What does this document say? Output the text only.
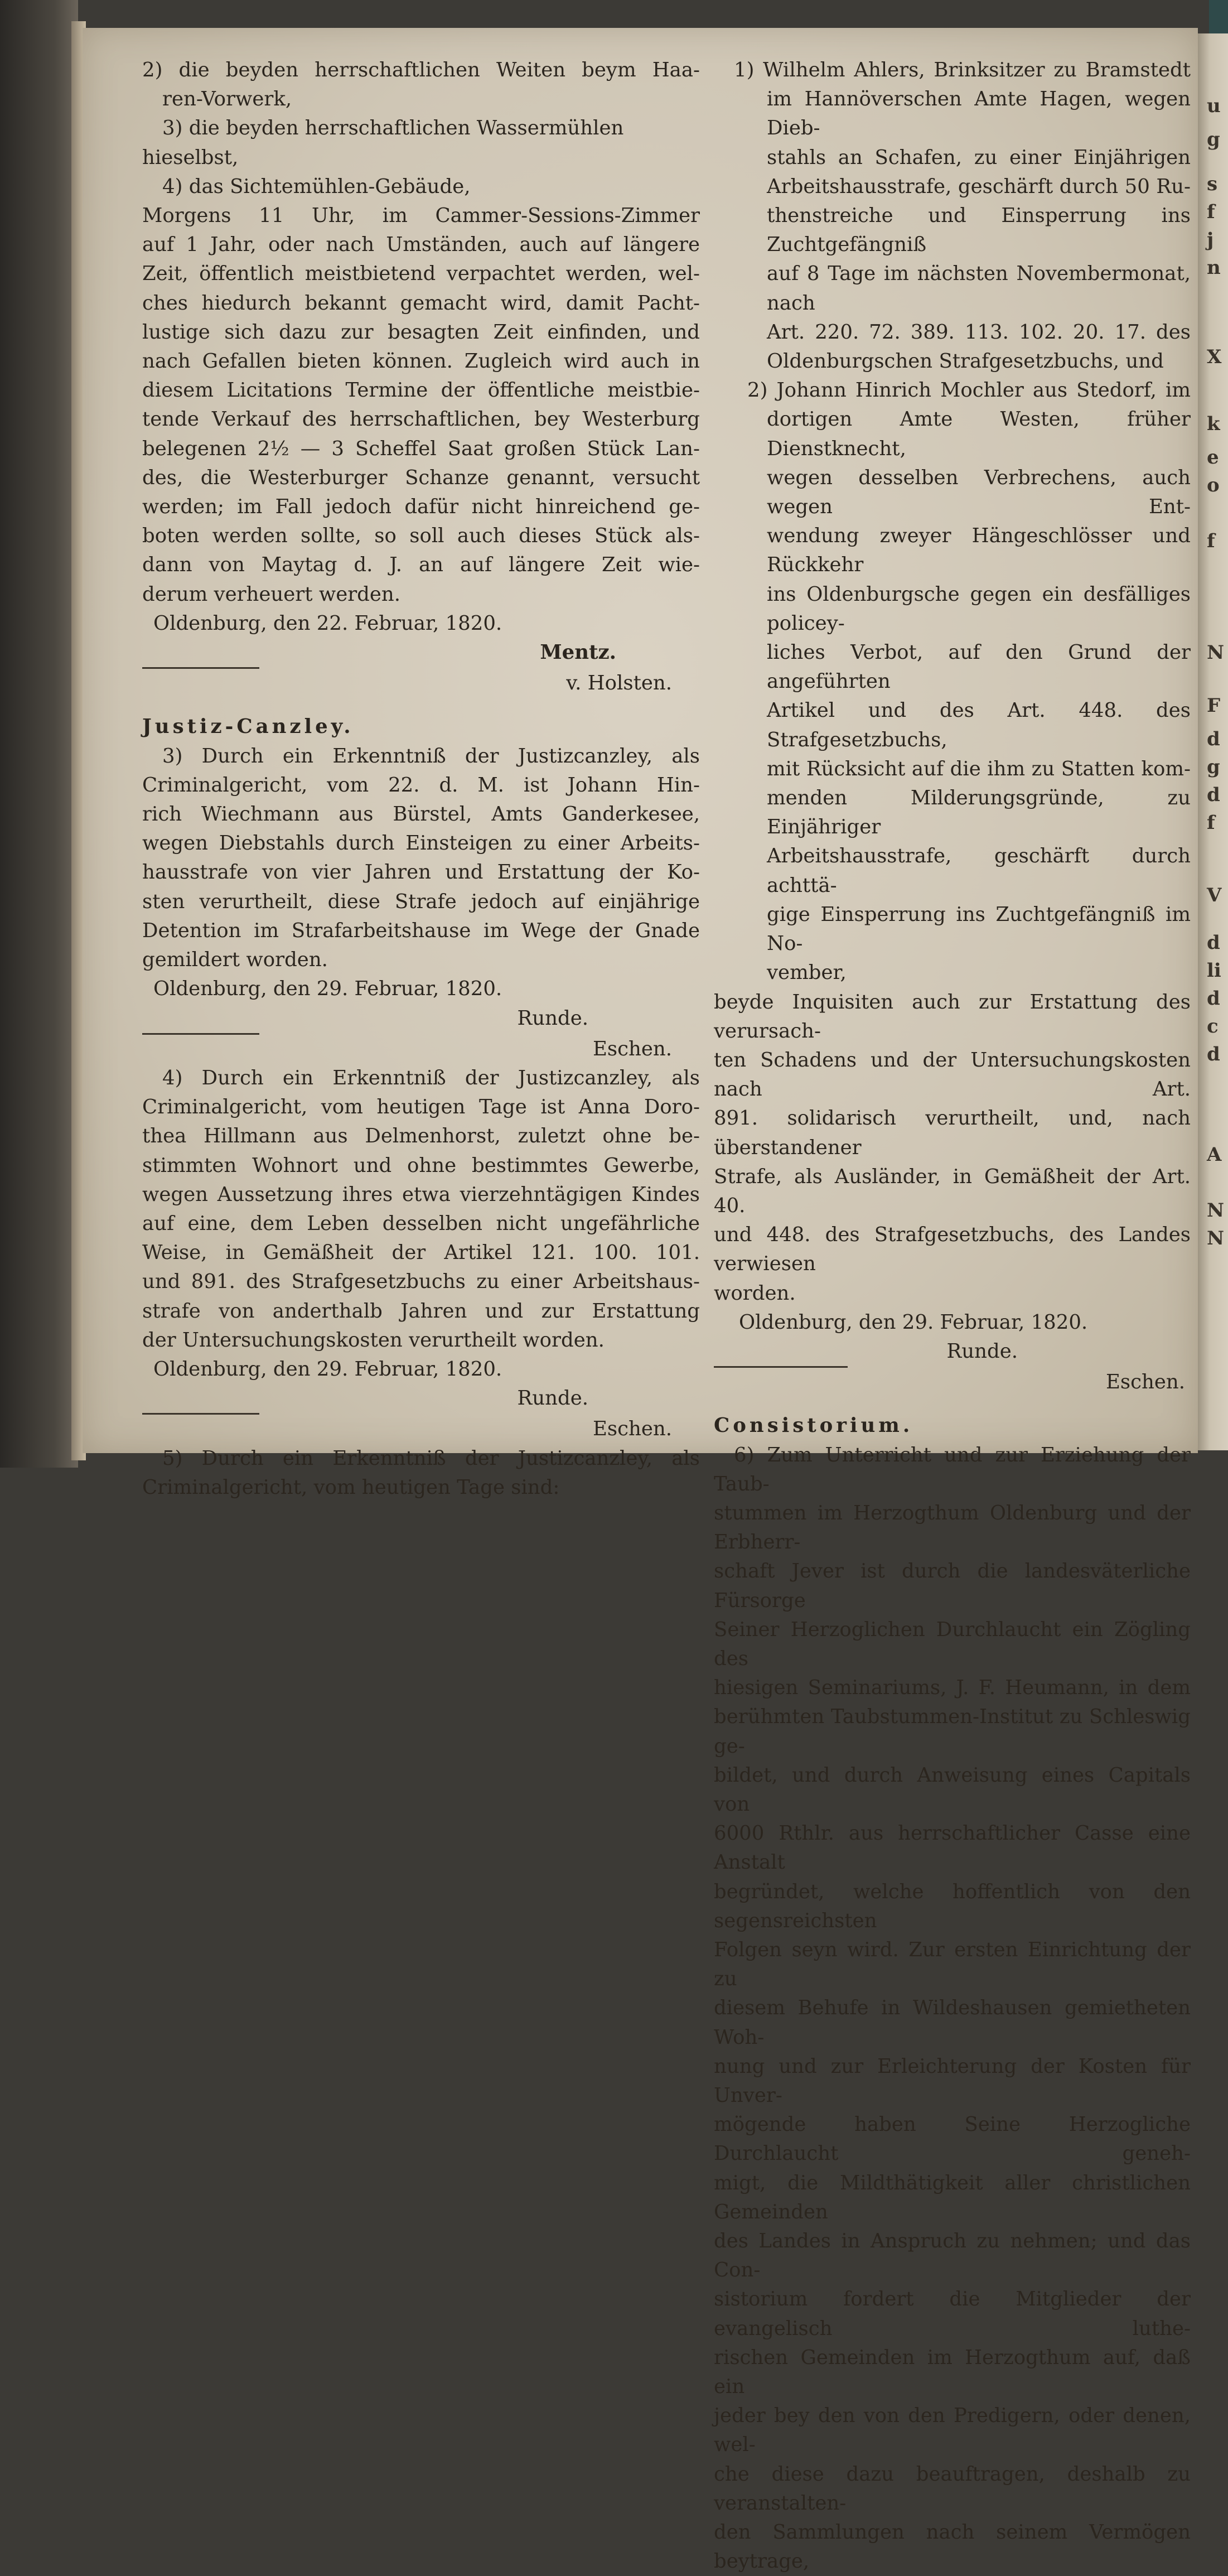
2) die beyden herrschaftlichen Weiten beym Haa-
ren-Vorwerk,
3) die beyden herrschaftlichen Wassermühlen hieselbst,
4) das Sichtemühlen-Gebäude,
Morgens 11 Uhr, im Cammer-Sessions-Zimmer
auf 1 Jahr, oder nach Umständen, auch auf längere
Zeit, öffentlich meistbietend verpachtet werden, wel-
ches hiedurch bekannt gemacht wird, damit Pacht-
lustige sich dazu zur besagten Zeit einfinden, und
nach Gefallen bieten können. Zugleich wird auch in
diesem Licitations Termine der öffentliche meistbie-
tende Verkauf des herrschaftlichen, bey Westerburg
belegenen 2½ — 3 Scheffel Saat großen Stück Lan-
des, die Westerburger Schanze genannt, versucht
werden; im Fall jedoch dafür nicht hinreichend ge-
boten werden sollte, so soll auch dieses Stück als-
dann von Maytag d. J. an auf längere Zeit wie-
derum verheuert werden.
Oldenburg, den 22. Februar, 1820.
Mentz.
v. Holsten.
Justiz-Canzley.
3) Durch ein Erkenntniß der Justizcanzley, als
Criminalgericht, vom 22. d. M. ist Johann Hin-
rich Wiechmann aus Bürstel, Amts Ganderkesee,
wegen Diebstahls durch Einsteigen zu einer Arbeits-
hausstrafe von vier Jahren und Erstattung der Ko-
sten verurtheilt, diese Strafe jedoch auf einjährige
Detention im Strafarbeitshause im Wege der Gnade
gemildert worden.
Oldenburg, den 29. Februar, 1820.
Runde.
Eschen.
4) Durch ein Erkenntniß der Justizcanzley, als
Criminalgericht, vom heutigen Tage ist Anna Doro-
thea Hillmann aus Delmenhorst, zuletzt ohne be-
stimmten Wohnort und ohne bestimmtes Gewerbe,
wegen Aussetzung ihres etwa vierzehntägigen Kindes
auf eine, dem Leben desselben nicht ungefährliche
Weise, in Gemäßheit der Artikel 121. 100. 101.
und 891. des Strafgesetzbuchs zu einer Arbeitshaus-
strafe von anderthalb Jahren und zur Erstattung
der Untersuchungskosten verurtheilt worden.
Oldenburg, den 29. Februar, 1820.
Runde.
Eschen.
5) Durch ein Erkenntniß der Justizcanzley, als
Criminalgericht, vom heutigen Tage sind:
1) Wilhelm Ahlers, Brinksitzer zu Bramstedt
im Hannöverschen Amte Hagen, wegen Dieb-
stahls an Schafen, zu einer Einjährigen
Arbeitshausstrafe, geschärft durch 50 Ru-
thenstreiche und Einsperrung ins Zuchtgefängniß
auf 8 Tage im nächsten Novembermonat, nach
Art. 220. 72. 389. 113. 102. 20. 17. des
Oldenburgschen Strafgesetzbuchs, und
2) Johann Hinrich Mochler aus Stedorf, im
dortigen Amte Westen, früher Dienstknecht,
wegen desselben Verbrechens, auch wegen Ent-
wendung zweyer Hängeschlösser und Rückkehr
ins Oldenburgsche gegen ein desfälliges policey-
liches Verbot, auf den Grund der angeführten
Artikel und des Art. 448. des Strafgesetzbuchs,
mit Rücksicht auf die ihm zu Statten kom-
menden Milderungsgründe, zu Einjähriger
Arbeitshausstrafe, geschärft durch achttä-
gige Einsperrung ins Zuchtgefängniß im No-
vember,
beyde Inquisiten auch zur Erstattung des verursach-
ten Schadens und der Untersuchungskosten nach Art.
891. solidarisch verurtheilt, und, nach überstandener
Strafe, als Ausländer, in Gemäßheit der Art. 40.
und 448. des Strafgesetzbuchs, des Landes verwiesen
worden.
Oldenburg, den 29. Februar, 1820.
Runde.
Eschen.
Consistorium.
6) Zum Unterricht und zur Erziehung der Taub-
stummen im Herzogthum Oldenburg und der Erbherr-
schaft Jever ist durch die landesväterliche Fürsorge
Seiner Herzoglichen Durchlaucht ein Zögling des
hiesigen Seminariums, J. F. Heumann, in dem
berühmten Taubstummen-Institut zu Schleswig ge-
bildet, und durch Anweisung eines Capitals von
6000 Rthlr. aus herrschaftlicher Casse eine Anstalt
begründet, welche hoffentlich von den segensreichsten
Folgen seyn wird. Zur ersten Einrichtung der zu
diesem Behufe in Wildeshausen gemietheten Woh-
nung und zur Erleichterung der Kosten für Unver-
mögende haben Seine Herzogliche Durchlaucht geneh-
migt, die Mildthätigkeit aller christlichen Gemeinden
des Landes in Anspruch zu nehmen; und das Con-
sistorium fordert die Mitglieder der evangelisch luthe-
rischen Gemeinden im Herzogthum auf, daß ein
jeder bey den von den Predigern, oder denen, wel-
che diese dazu beauftragen, deshalb zu veranstalten-
den Sammlungen nach seinem Vermögen beytrage,
u
g
s
f
j
n
X
k
e
o
f
N
F
d
g
d
f
V
d
li
d
c
d
A
N
N
